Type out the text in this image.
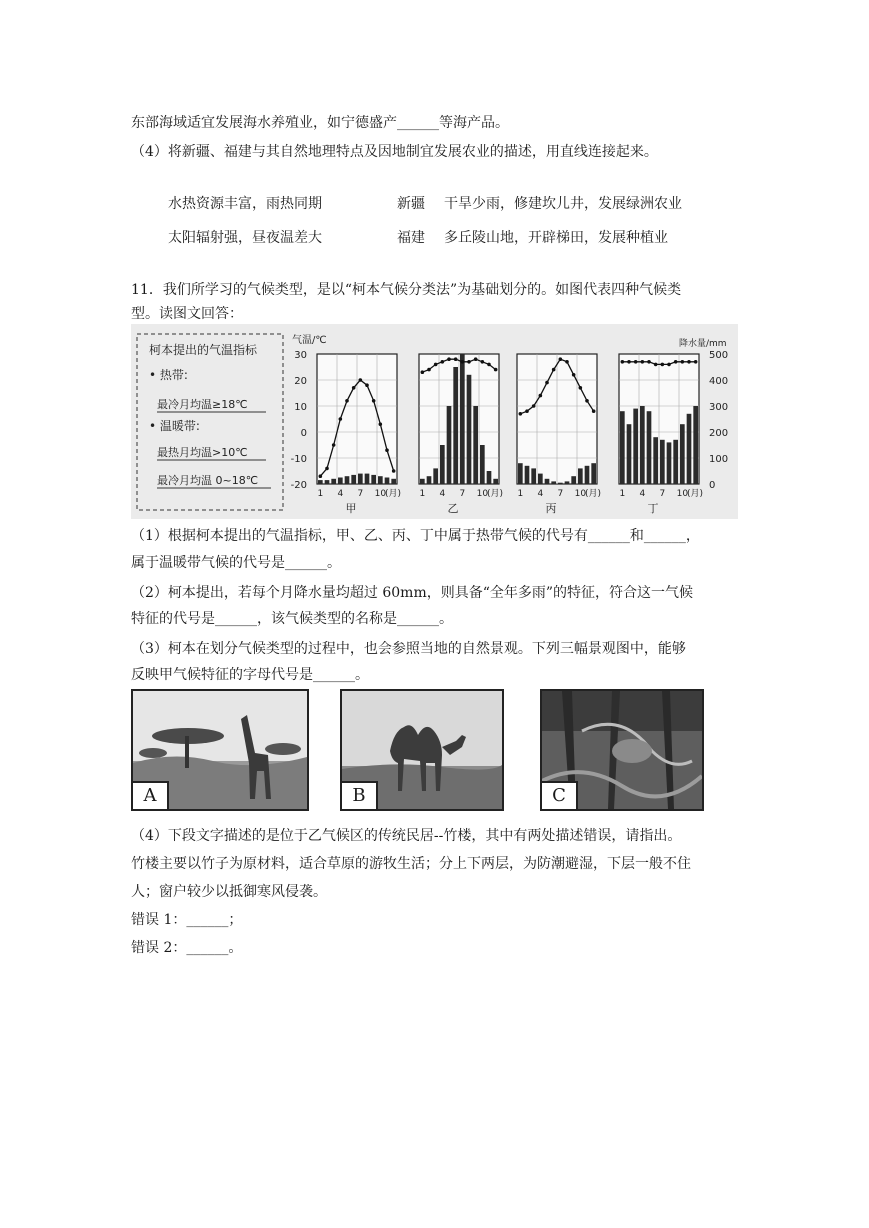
东部海域适宜发展海水养殖业，如宁德盛产______等海产品。
（4）将新疆、福建与其自然地理特点及因地制宜发展农业的描述，用直线连接起来。
水热资源丰富，雨热同期	新疆 干旱少雨，修建坎儿井，发展绿洲农业
太阳辐射强，昼夜温差大	福建 多丘陵山地，开辟梯田，发展种植业
11．我们所学习的气候类型，是以“柯本气候分类法”为基础划分的。如图代表四种气候类
型。读图文回答：
柯本提出的气温指标
• 热带:
最冷月均温≥18℃
• 温暖带:
最热月均温>10℃
最冷月均温 0~18℃
气温/℃	降水量/mm
30
20
10
0
-10
-20
500
400
300
200
100
0
1 4 7 10
(月)
甲
1 4 7 10
(月)
乙
1 4 7 10
(月)
丙
1 4 7 10
(月)
丁
（1）根据柯本提出的气温指标，甲、乙、丙、丁中属于热带气候的代号有______和______，
属于温暖带气候的代号是______。
（2）柯本提出，若每个月降水量均超过 60mm，则具备“全年多雨”的特征，符合这一气候
特征的代号是______，该气候类型的名称是______。
（3）柯本在划分气候类型的过程中，也会参照当地的自然景观。下列三幅景观图中，能够
反映甲气候特征的字母代号是______。
A	B	C
（4）下段文字描述的是位于乙气候区的传统民居--竹楼，其中有两处描述错误，请指出。
竹楼主要以竹子为原材料，适合草原的游牧生活；分上下两层，为防潮避湿，下层一般不住
人；窗户较少以抵御寒风侵袭。
错误 1：______；
错误 2：______。
